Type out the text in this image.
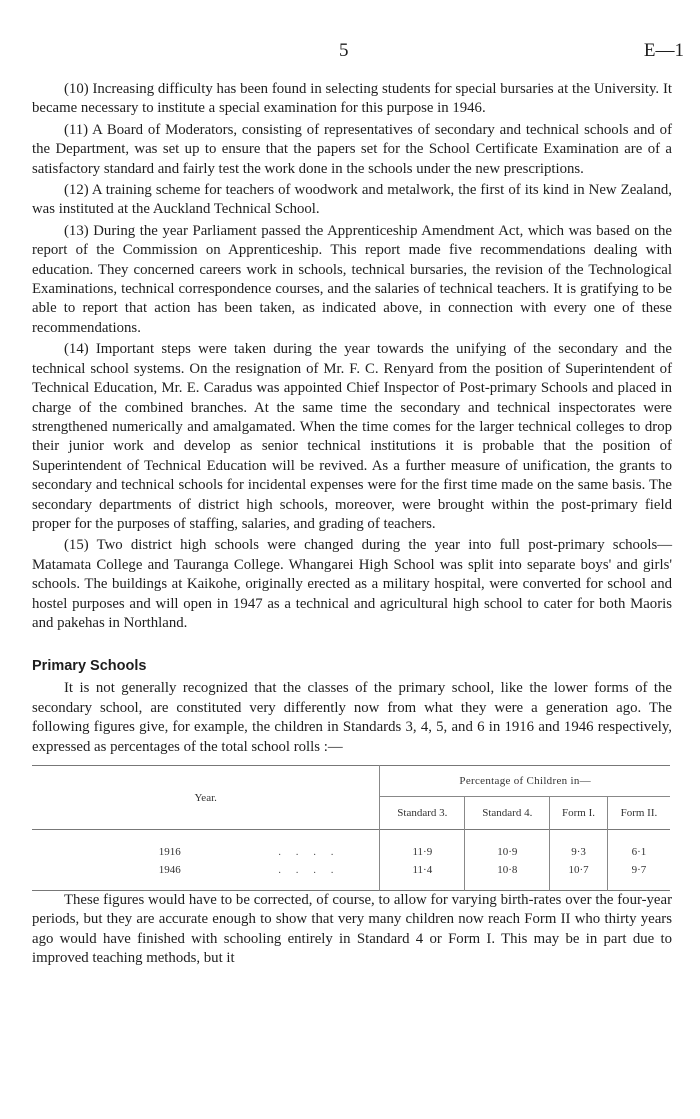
5	E—1

(10) Increasing difficulty has been found in selecting students for special bursaries at the University. It became necessary to institute a special examination for this purpose in 1946.

(11) A Board of Moderators, consisting of representatives of secondary and technical schools and of the Department, was set up to ensure that the papers set for the School Certificate Examination are of a satisfactory standard and fairly test the work done in the schools under the new prescriptions.

(12) A training scheme for teachers of woodwork and metalwork, the first of its kind in New Zealand, was instituted at the Auckland Technical School.

(13) During the year Parliament passed the Apprenticeship Amendment Act, which was based on the report of the Commission on Apprenticeship. This report made five recommendations dealing with education. They concerned careers work in schools, technical bursaries, the revision of the Technological Examinations, technical correspondence courses, and the salaries of technical teachers. It is gratifying to be able to report that action has been taken, as indicated above, in connection with every one of these recommendations.

(14) Important steps were taken during the year towards the unifying of the secondary and the technical school systems. On the resignation of Mr. F. C. Renyard from the position of Superintendent of Technical Education, Mr. E. Caradus was appointed Chief Inspector of Post-primary Schools and placed in charge of the combined branches. At the same time the secondary and technical inspectorates were strengthened numerically and amalgamated. When the time comes for the larger technical colleges to drop their junior work and develop as senior technical institutions it is probable that the position of Superintendent of Technical Education will be revived. As a further measure of unification, the grants to secondary and technical schools for incidental expenses were for the first time made on the same basis. The secondary departments of district high schools, moreover, were brought within the post-primary field proper for the purposes of staffing, salaries, and grading of teachers.

(15) Two district high schools were changed during the year into full post-primary schools—Matamata College and Tauranga College. Whangarei High School was split into separate boys' and girls' schools. The buildings at Kaikohe, originally erected as a military hospital, were converted for school and hostel purposes and will open in 1947 as a technical and agricultural high school to cater for both Maoris and pakehas in Northland.

Primary Schools

It is not generally recognized that the classes of the primary school, like the lower forms of the secondary school, are constituted very differently now from what they were a generation ago. The following figures give, for example, the children in Standards 3, 4, 5, and 6 in 1916 and 1946 respectively, expressed as percentages of the total school rolls :—

Year.		Percentage of Children in—			
		Standard 3.	Standard 4.	Form I.	Form II.
1916	. . . .	11·9	10·9	9·3	6·1
1946	. . . .	11·4	10·8	10·7	9·7

These figures would have to be corrected, of course, to allow for varying birth-rates over the four-year periods, but they are accurate enough to show that very many children now reach Form II who thirty years ago would have finished with schooling entirely in Standard 4 or Form I. This may be in part due to improved teaching methods, but it
